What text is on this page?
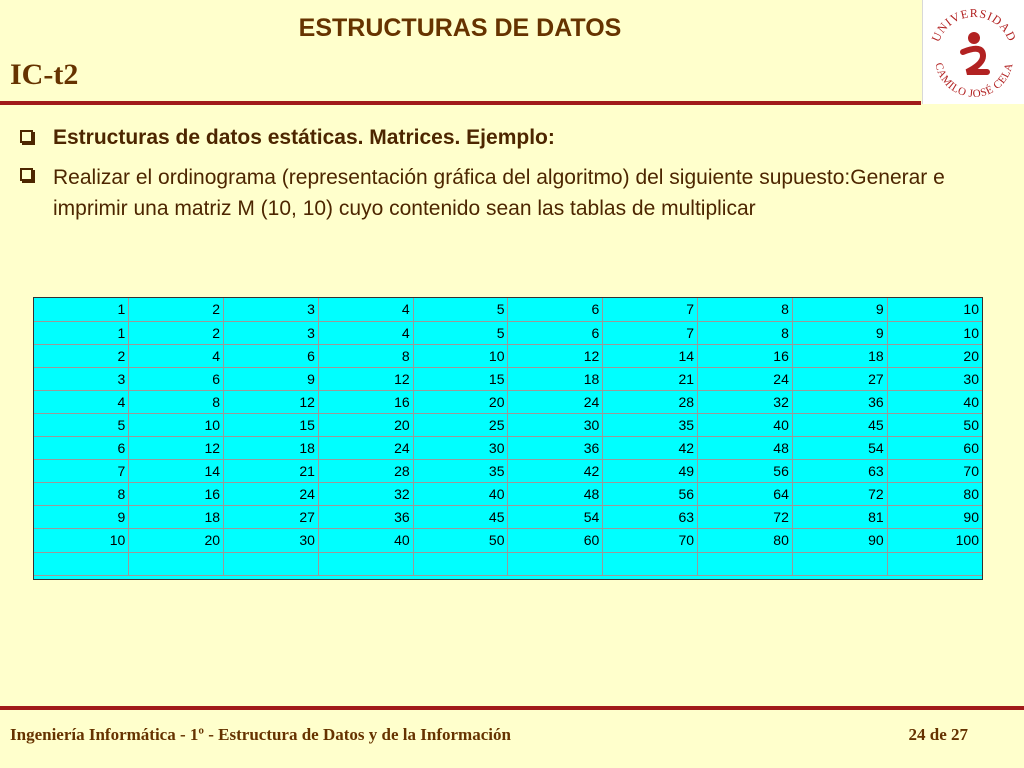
ESTRUCTURAS DE DATOS
IC-t2
UNIVERSIDAD
CAMILO JOSÉ CELA
Estructuras de datos estáticas. Matrices. Ejemplo:
Realizar el ordinograma (representación gráfica del algoritmo) del siguiente supuesto:Generar e imprimir una matriz M (10, 10) cuyo contenido sean las tablas de multiplicar
1	2	3	4	5	6	7	8	9	10
1	2	3	4	5	6	7	8	9	10
2	4	6	8	10	12	14	16	18	20
3	6	9	12	15	18	21	24	27	30
4	8	12	16	20	24	28	32	36	40
5	10	15	20	25	30	35	40	45	50
6	12	18	24	30	36	42	48	54	60
7	14	21	28	35	42	49	56	63	70
8	16	24	32	40	48	56	64	72	80
9	18	27	36	45	54	63	72	81	90
10	20	30	40	50	60	70	80	90	100

Ingeniería Informática - 1º - Estructura de Datos y de la Información	24 de 27
